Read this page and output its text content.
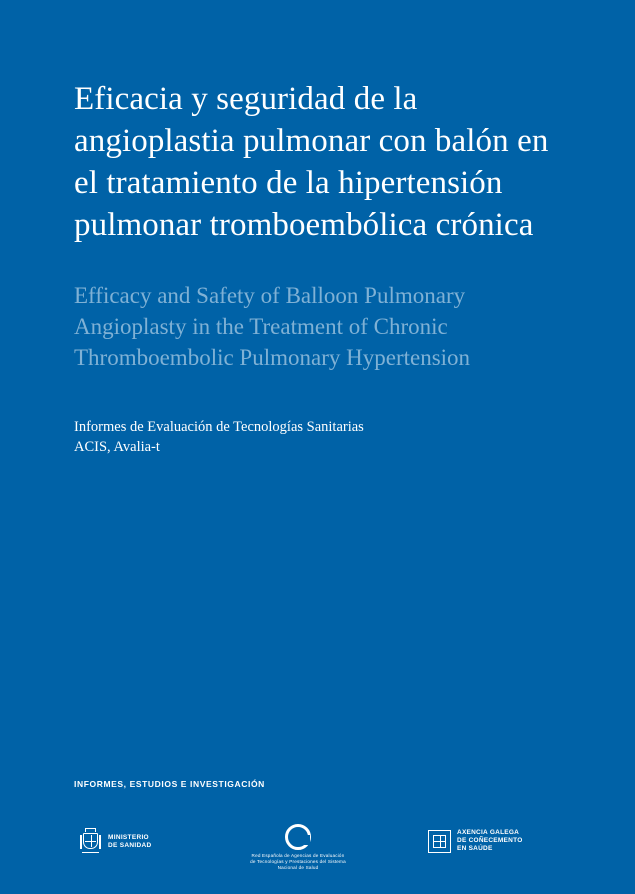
Eficacia y seguridad de la angioplastia pulmonar con balón en el tratamiento de la hipertensión pulmonar tromboembólica crónica
Efficacy and Safety of Balloon Pulmonary Angioplasty in the Treatment of Chronic Thromboembolic Pulmonary Hypertension
Informes de Evaluación de Tecnologías Sanitarias
ACIS, Avalia-t
INFORMES, ESTUDIOS E INVESTIGACIÓN
MINISTERIO
DE SANIDAD
Red Española de Agencias de Evaluación
de Tecnologías y Prestaciones del Sistema Nacional de Salud
AXENCIA GALEGA
DE COÑECEMENTO
EN SAÚDE
